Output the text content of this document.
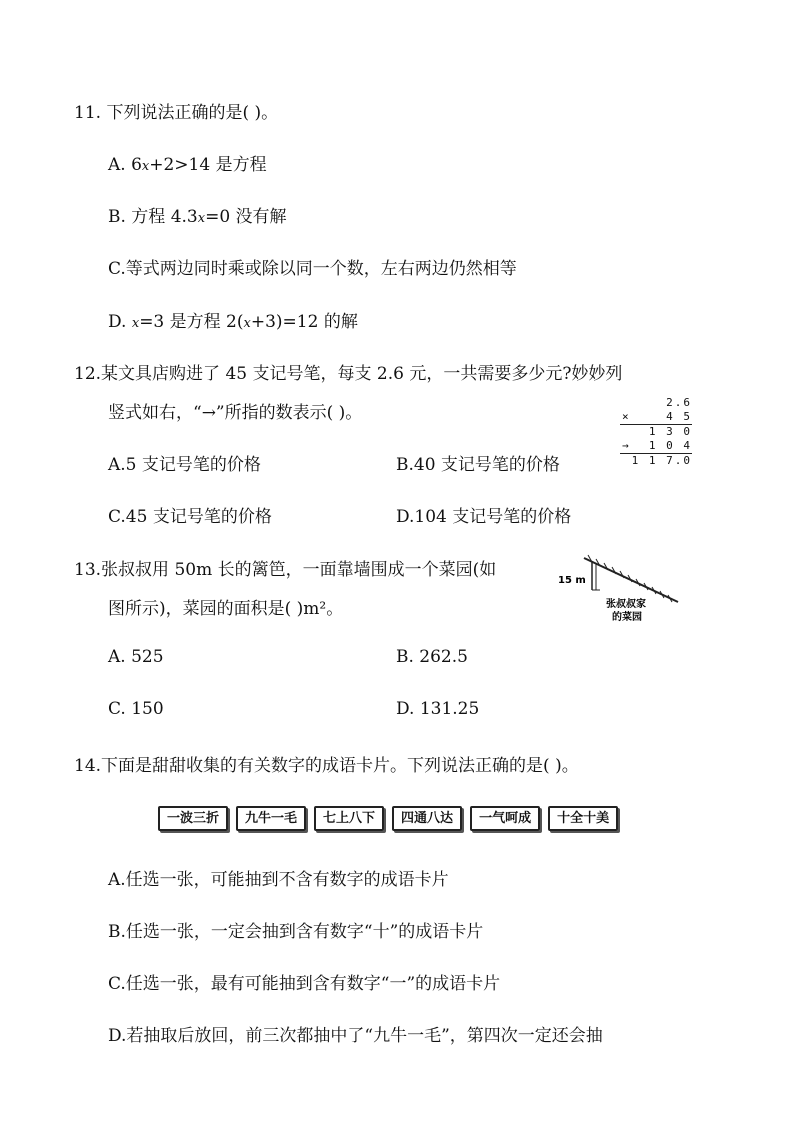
11. 下列说法正确的是( )。
A. 6x+2>14 是方程
B. 方程 4.3x=0 没有解
C.等式两边同时乘或除以同一个数，左右两边仍然相等
D. x=3 是方程 2(x+3)=12 的解
12.某文具店购进了 45 支记号笔，每支 2.6 元，一共需要多少元?妙妙列
竖式如右，“→”所指的数表示( )。
2.6
×	4 5
1 3 0
→ 1 0 4
1 1 7.0
A.5 支记号笔的价格	B.40 支记号笔的价格
C.45 支记号笔的价格	D.104 支记号笔的价格
13.张叔叔用 50m 长的篱笆，一面靠墙围成一个菜园(如
图所示)，菜园的面积是( )m²。
15 m
张叔叔家
的菜园
A. 525	B. 262.5
C. 150	D. 131.25
14.下面是甜甜收集的有关数字的成语卡片。下列说法正确的是( )。
一波三折	九牛一毛	七上八下	四通八达	一气呵成	十全十美
A.任选一张，可能抽到不含有数字的成语卡片
B.任选一张，一定会抽到含有数字“十”的成语卡片
C.任选一张，最有可能抽到含有数字“一”的成语卡片
D.若抽取后放回，前三次都抽中了“九牛一毛”，第四次一定还会抽
